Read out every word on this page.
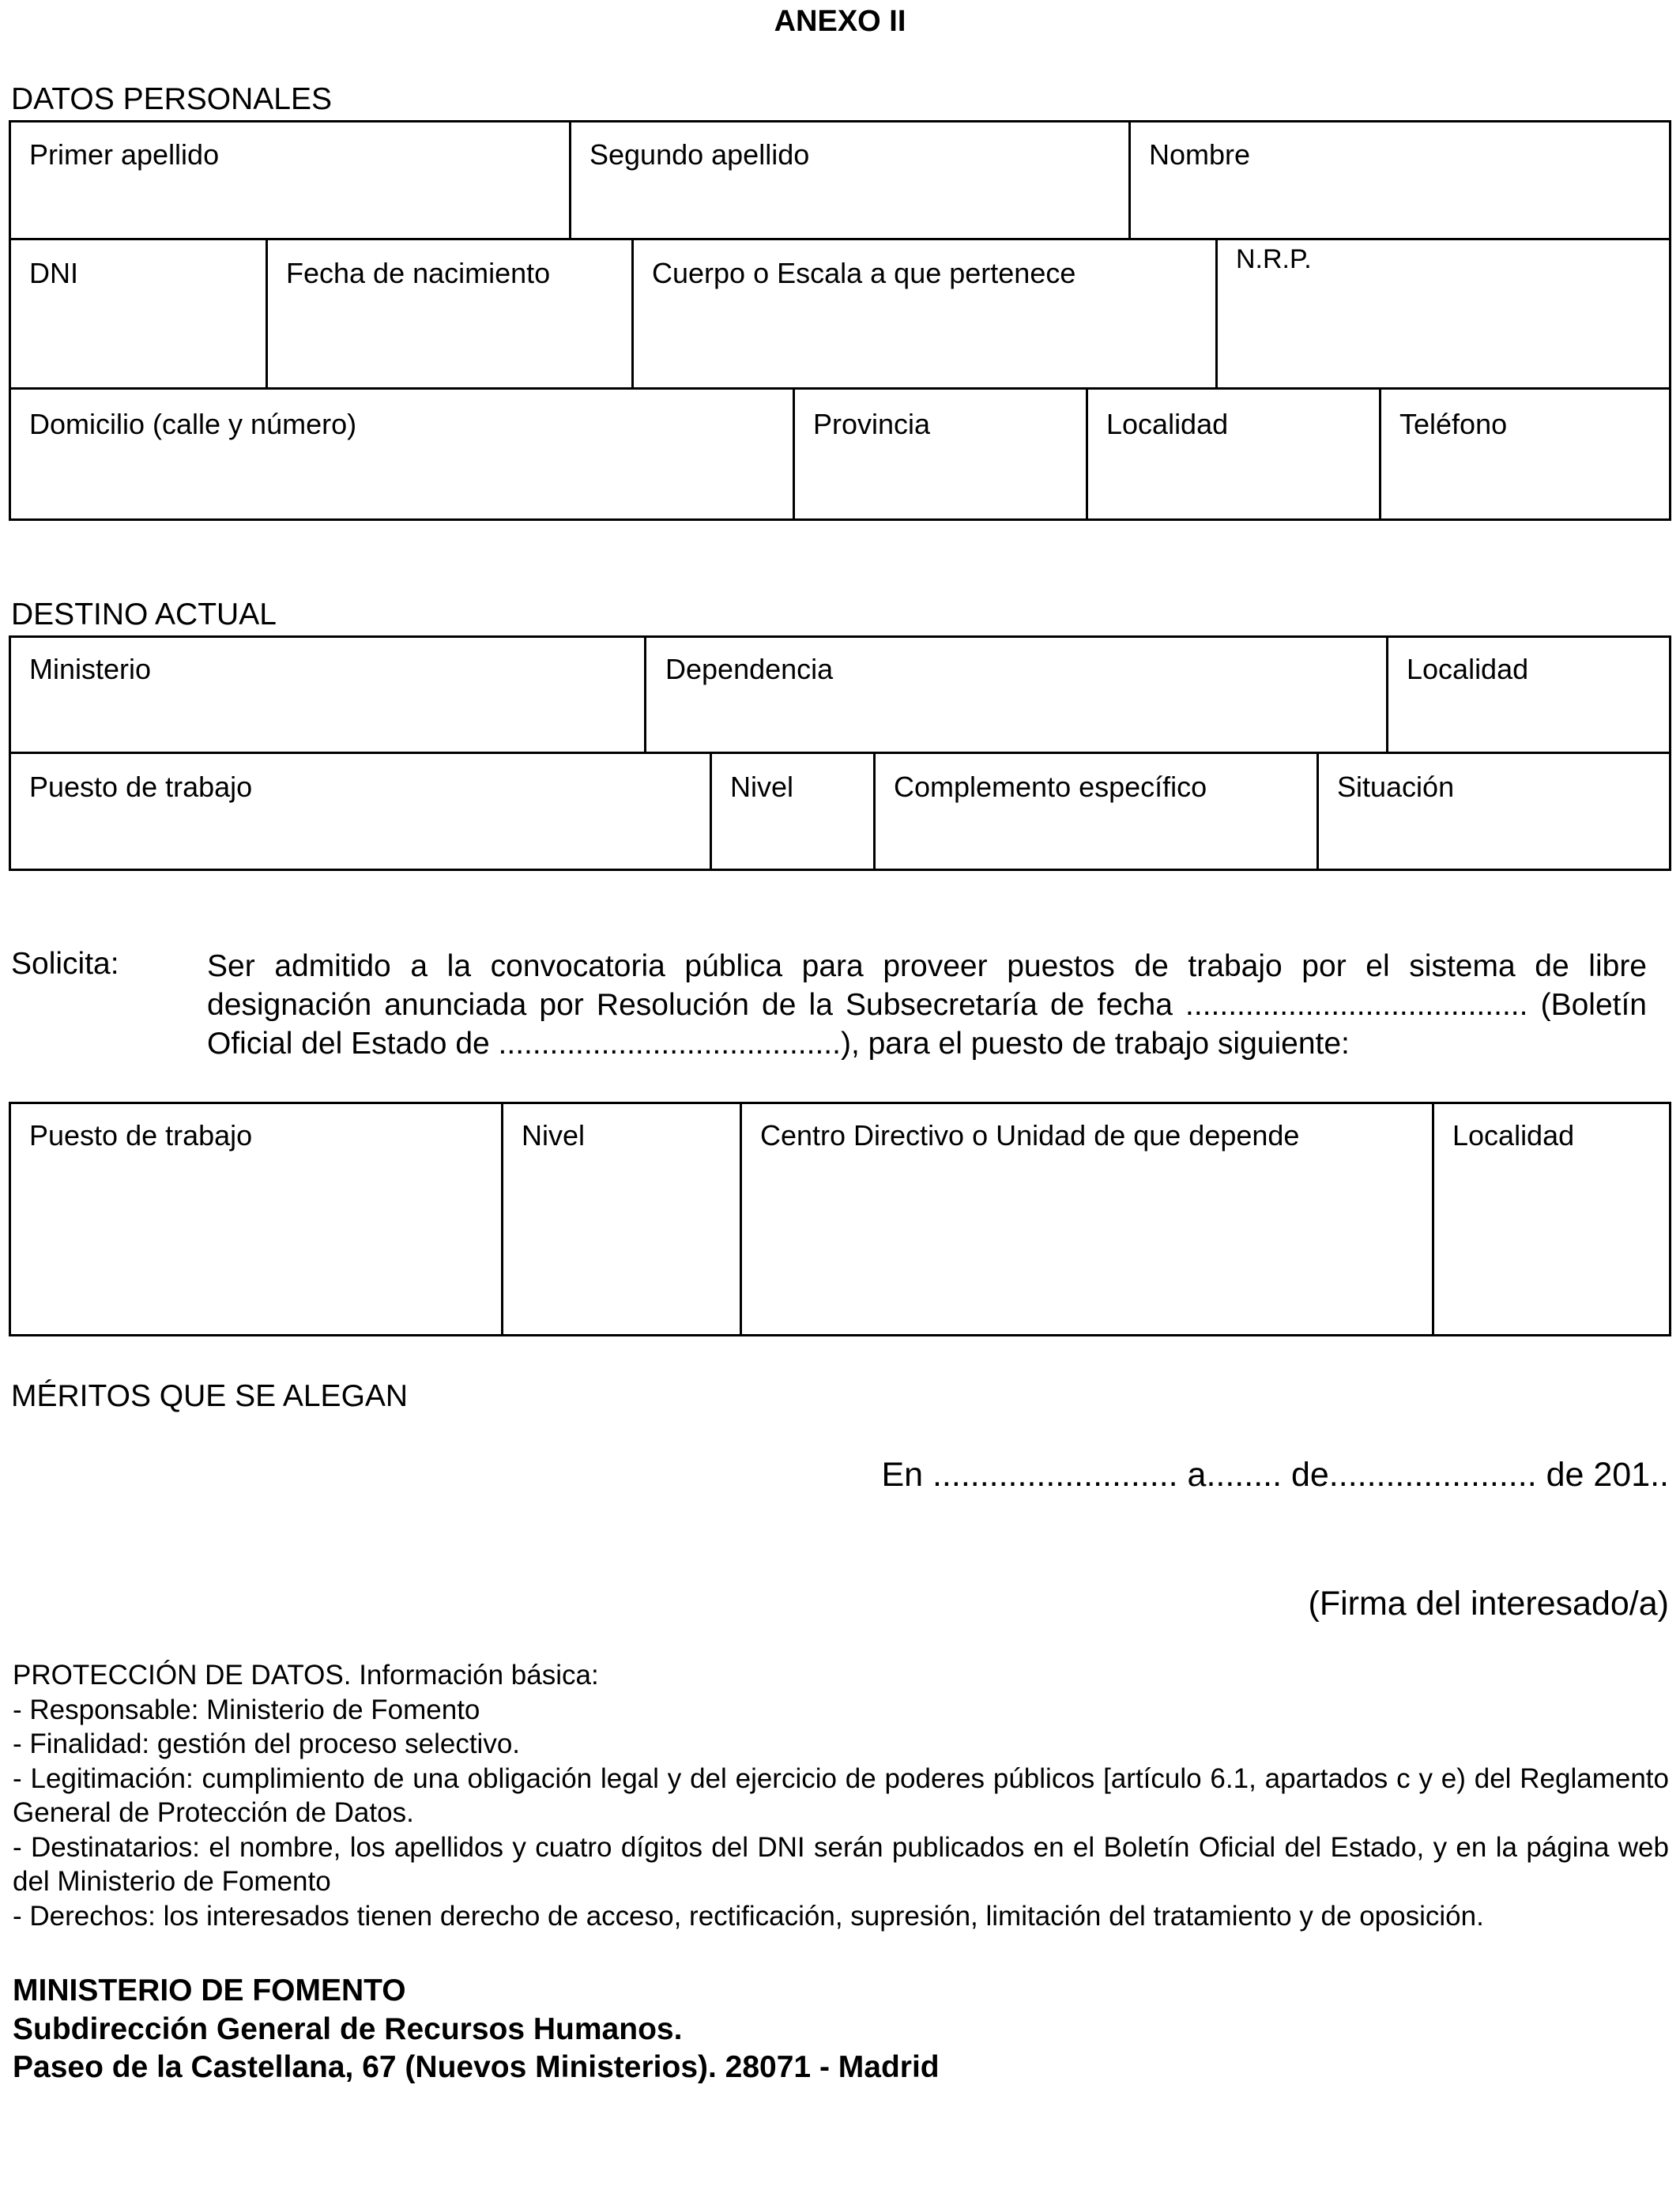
ANEXO II
DATOS PERSONALES
Primer apellido	Segundo apellido	Nombre
DNI	Fecha de nacimiento	Cuerpo o Escala a que pertenece	N.R.P.
Domicilio (calle y número)	Provincia	Localidad	Teléfono
DESTINO ACTUAL
Ministerio	Dependencia	Localidad
Puesto de trabajo	Nivel	Complemento específico	Situación
Solicita:	Ser admitido a la convocatoria pública para proveer puestos de trabajo por el sistema de libre designación anunciada por Resolución de la Subsecretaría de fecha ........................................ (Boletín Oficial del Estado de ........................................), para el puesto de trabajo siguiente:
Puesto de trabajo	Nivel	Centro Directivo o Unidad de que depende	Localidad
MÉRITOS QUE SE ALEGAN
En .......................... a........ de...................... de 201..
(Firma del interesado/a)
PROTECCIÓN DE DATOS. Información básica:
- Responsable: Ministerio de Fomento
- Finalidad: gestión del proceso selectivo.
- Legitimación: cumplimiento de una obligación legal y del ejercicio de poderes públicos [artículo 6.1, apartados c y e) del Reglamento General de Protección de Datos.
- Destinatarios: el nombre, los apellidos y cuatro dígitos del DNI serán publicados en el Boletín Oficial del Estado, y en la página web del Ministerio de Fomento
- Derechos: los interesados tienen derecho de acceso, rectificación, supresión, limitación del tratamiento y de oposición.
MINISTERIO DE FOMENTO
Subdirección General de Recursos Humanos.
Paseo de la Castellana, 67 (Nuevos Ministerios). 28071 - Madrid
